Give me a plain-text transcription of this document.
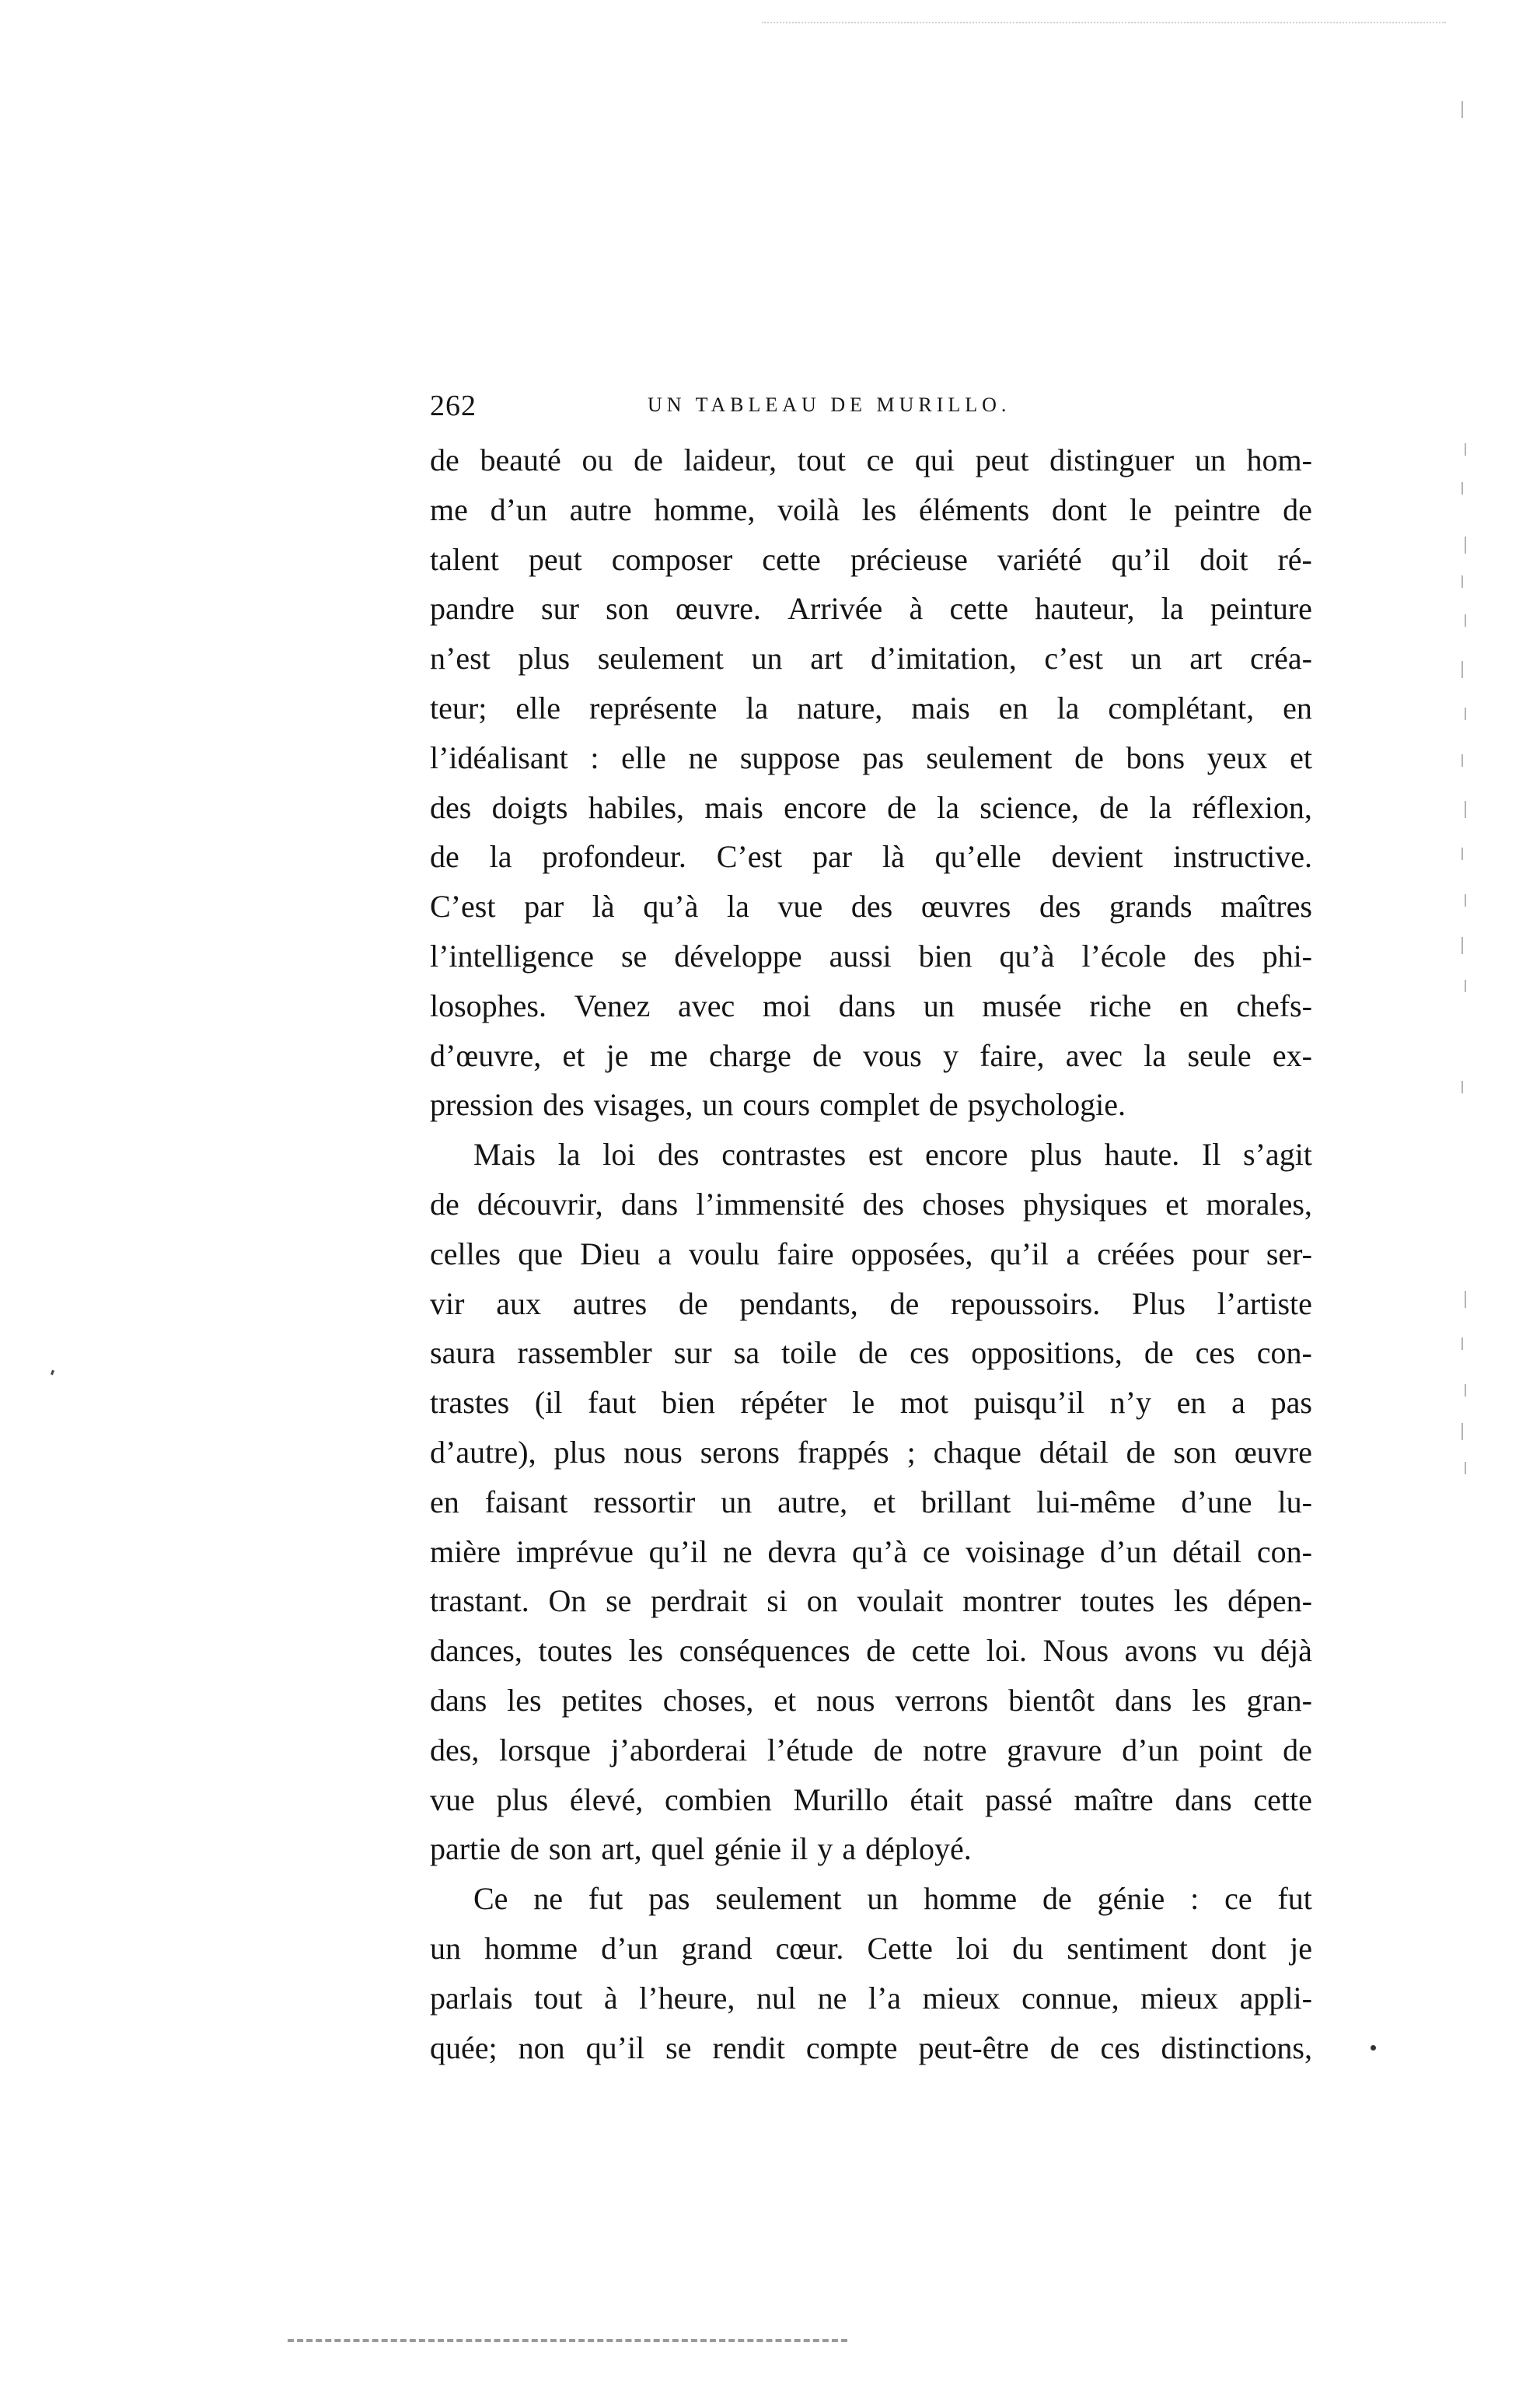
262	UN TABLEAU DE MURILLO.
de beauté ou de laideur, tout ce qui peut distinguer un hom-
me d’un autre homme, voilà les éléments dont le peintre de
talent peut composer cette précieuse variété qu’il doit ré-
pandre sur son œuvre. Arrivée à cette hauteur, la peinture
n’est plus seulement un art d’imitation, c’est un art créa-
teur; elle représente la nature, mais en la complétant, en
l’idéalisant : elle ne suppose pas seulement de bons yeux et
des doigts habiles, mais encore de la science, de la réflexion,
de la profondeur. C’est par là qu’elle devient instructive.
C’est par là qu’à la vue des œuvres des grands maîtres
l’intelligence se développe aussi bien qu’à l’école des phi-
losophes. Venez avec moi dans un musée riche en chefs-
d’œuvre, et je me charge de vous y faire, avec la seule ex-
pression des visages, un cours complet de psychologie.
Mais la loi des contrastes est encore plus haute. Il s’agit
de découvrir, dans l’immensité des choses physiques et morales,
celles que Dieu a voulu faire opposées, qu’il a créées pour ser-
vir aux autres de pendants, de repoussoirs. Plus l’artiste
saura rassembler sur sa toile de ces oppositions, de ces con-
trastes (il faut bien répéter le mot puisqu’il n’y en a pas
d’autre), plus nous serons frappés ; chaque détail de son œuvre
en faisant ressortir un autre, et brillant lui-même d’une lu-
mière imprévue qu’il ne devra qu’à ce voisinage d’un détail con-
trastant. On se perdrait si on voulait montrer toutes les dépen-
dances, toutes les conséquences de cette loi. Nous avons vu déjà
dans les petites choses, et nous verrons bientôt dans les gran-
des, lorsque j’aborderai l’étude de notre gravure d’un point de
vue plus élevé, combien Murillo était passé maître dans cette
partie de son art, quel génie il y a déployé.
Ce ne fut pas seulement un homme de génie : ce fut
un homme d’un grand cœur. Cette loi du sentiment dont je
parlais tout à l’heure, nul ne l’a mieux connue, mieux appli-
quée; non qu’il se rendit compte peut-être de ces distinctions,
